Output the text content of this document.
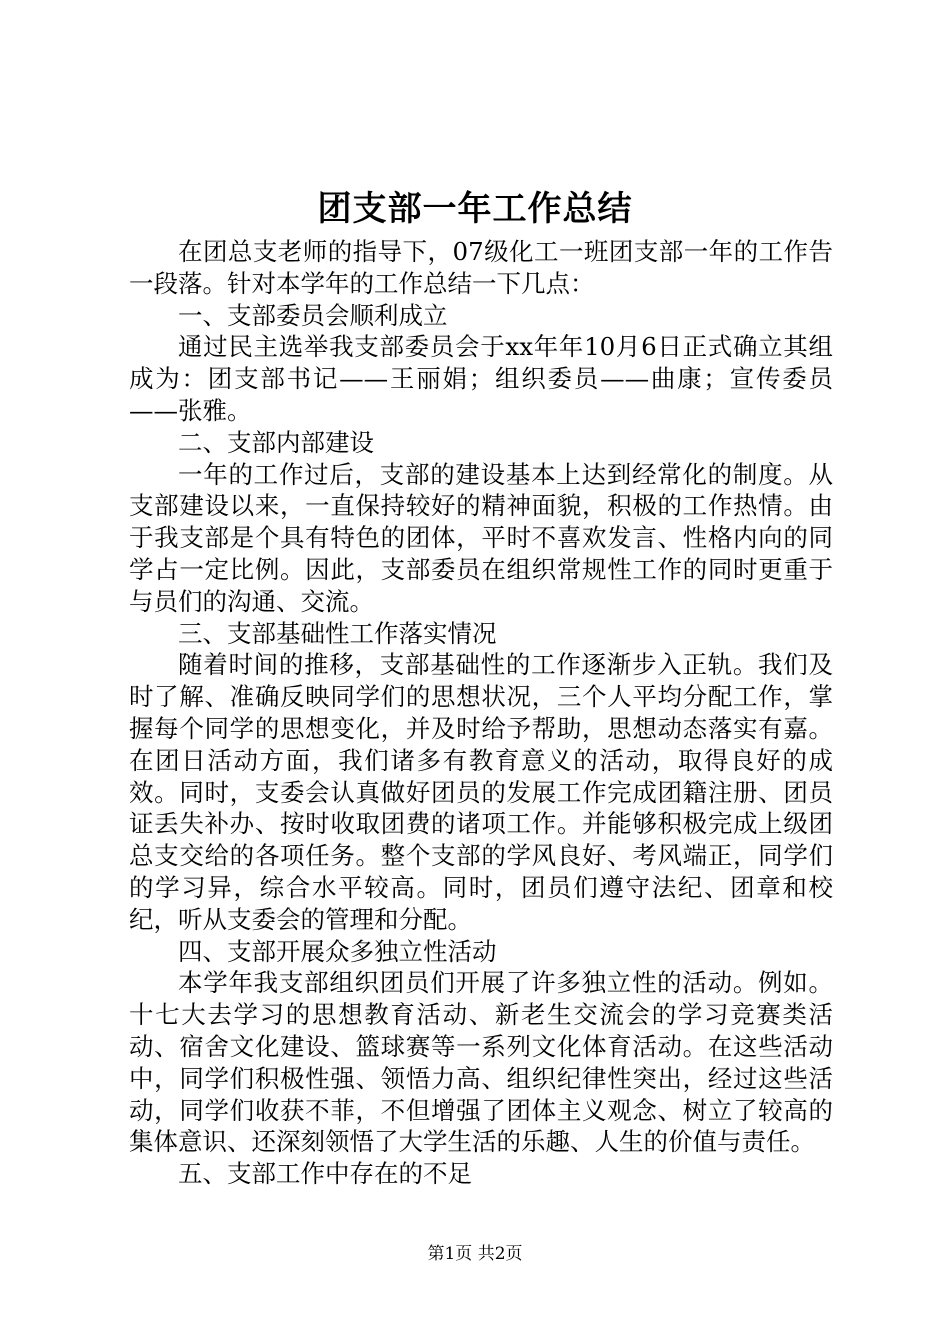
团支部一年工作总结

在团总支老师的指导下，07级化工一班团支部一年的工作告一段落。针对本学年的工作总结一下几点：

一、支部委员会顺利成立

通过民主选举我支部委员会于xx年年10月6日正式确立其组成为：团支部书记——王丽娟；组织委员——曲康；宣传委员——张雅。

二、支部内部建设

一年的工作过后，支部的建设基本上达到经常化的制度。从支部建设以来，一直保持较好的精神面貌，积极的工作热情。由于我支部是个具有特色的团体，平时不喜欢发言、性格内向的同学占一定比例。因此，支部委员在组织常规性工作的同时更重于与员们的沟通、交流。

三、支部基础性工作落实情况

随着时间的推移，支部基础性的工作逐渐步入正轨。我们及时了解、准确反映同学们的思想状况，三个人平均分配工作，掌握每个同学的思想变化，并及时给予帮助，思想动态落实有嘉。在团日活动方面，我们诸多有教育意义的活动，取得良好的成效。同时，支委会认真做好团员的发展工作完成团籍注册、团员证丢失补办、按时收取团费的诸项工作。并能够积极完成上级团总支交给的各项任务。整个支部的学风良好、考风端正，同学们的学习异，综合水平较高。同时，团员们遵守法纪、团章和校纪，听从支委会的管理和分配。

四、支部开展众多独立性活动

本学年我支部组织团员们开展了许多独立性的活动。例如。十七大去学习的思想教育活动、新老生交流会的学习竞赛类活动、宿舍文化建设、篮球赛等一系列文化体育活动。在这些活动中，同学们积极性强、领悟力高、组织纪律性突出，经过这些活动，同学们收获不菲，不但增强了团体主义观念、树立了较高的集体意识、还深刻领悟了大学生活的乐趣、人生的价值与责任。

五、支部工作中存在的不足

第1页 共2页
